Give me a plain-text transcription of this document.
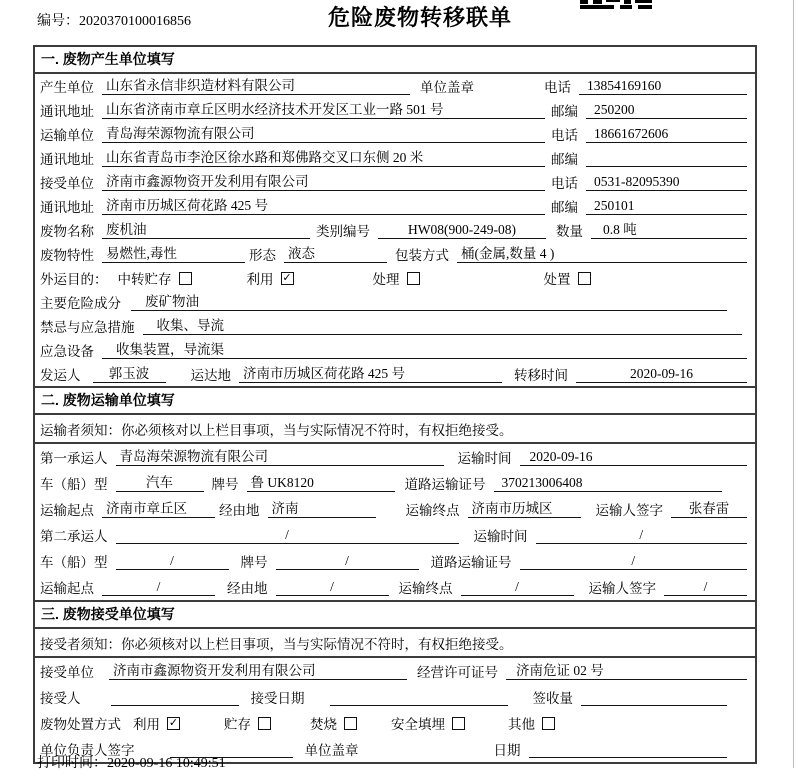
编号：2020370100016856	危险废物转移联单
一. 废物产生单位填写
产生单位 山东省永信非织造材料有限公司	单位盖章	电话	13854169160
通讯地址 山东省济南市章丘区明水经济技术开发区工业一路 501 号	邮编	250200
运输单位 青岛海荣源物流有限公司	电话	18661672606
通讯地址 山东省青岛市李沧区徐水路和郑佛路交叉口东侧 20 米	邮编
接受单位 济南市鑫源物资开发利用有限公司	电话	0531-82095390
通讯地址 济南市历城区荷花路 425 号	邮编	250101
废物名称 废机油	类别编号	HW08(900-249-08)	数量	0.8 吨
废物特性 易燃性,毒性	形态 液态	包装方式 桶(金属,数量 4 )
外运目的： 中转贮存	利用 ✓	处理	处置
主要危险成分	废矿物油
禁忌与应急措施	收集、导流
应急设备	收集装置，导流渠
发运人	郭玉波	运达地 济南市历城区荷花路 425 号	转移时间	2020-09-16
二. 废物运输单位填写
运输者须知：你必须核对以上栏目事项，当与实际情况不符时，有权拒绝接受。
第一承运人 青岛海荣源物流有限公司	运输时间	2020-09-16
车（船）型	汽车	牌号 鲁 UK8120	道路运输证号	370213006408
运输起点 济南市章丘区	经由地 济南	运输终点 济南市历城区	运输人签字	张春雷
第二承运人	/	运输时间	/
车（船）型	/	牌号	/	道路运输证号	/
运输起点	/	经由地	/	运输终点	/	运输人签字	/
三. 废物接受单位填写
接受者须知：你必须核对以上栏目事项，当与实际情况不符时，有权拒绝接受。
接受单位 济南市鑫源物资开发利用有限公司	经营许可证号	济南危证 02 号
接受人	接受日期	签收量
废物处置方式 利用 ✓	贮存	焚烧	安全填埋	其他
单位负责人签字	单位盖章	日期
打印时间：2020-09-16 10:49:51
